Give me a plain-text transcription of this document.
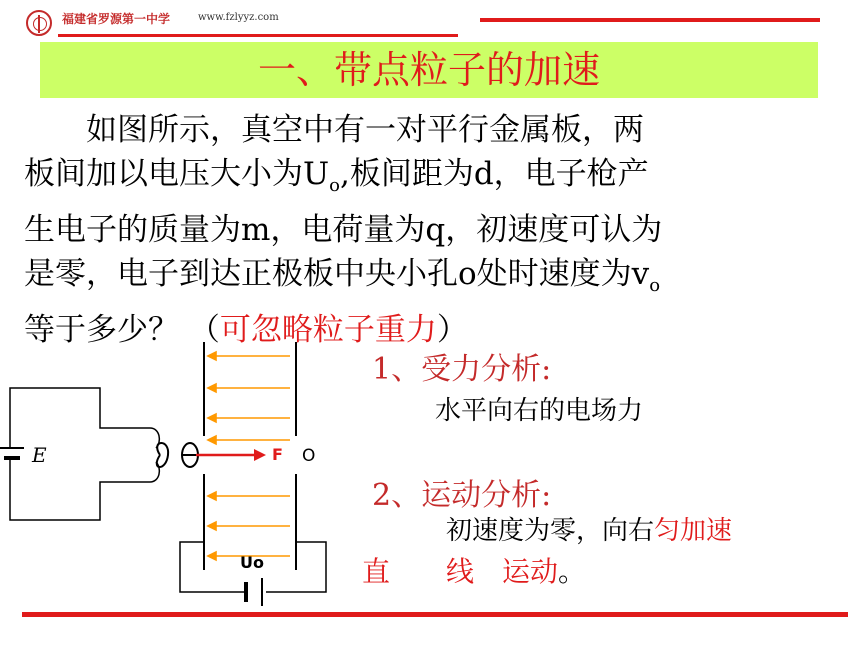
福建省罗源第一中学	www.fzlyyz.com
一、带点粒子的加速
　　如图所示，真空中有一对平行金属板，两
板间加以电压大小为$U_o$,板间距为d，电子枪产
生电子的质量为m，电荷量为q，初速度可认为
是零，电子到达正极板中央小孔o处时速度为$v_o$
等于多少？ （可忽略粒子重力）
E	F O
Uo
1、受力分析:
水平向右的电场力
2、运动分析:
初速度为零，向右匀加速
直　　线　运动。
